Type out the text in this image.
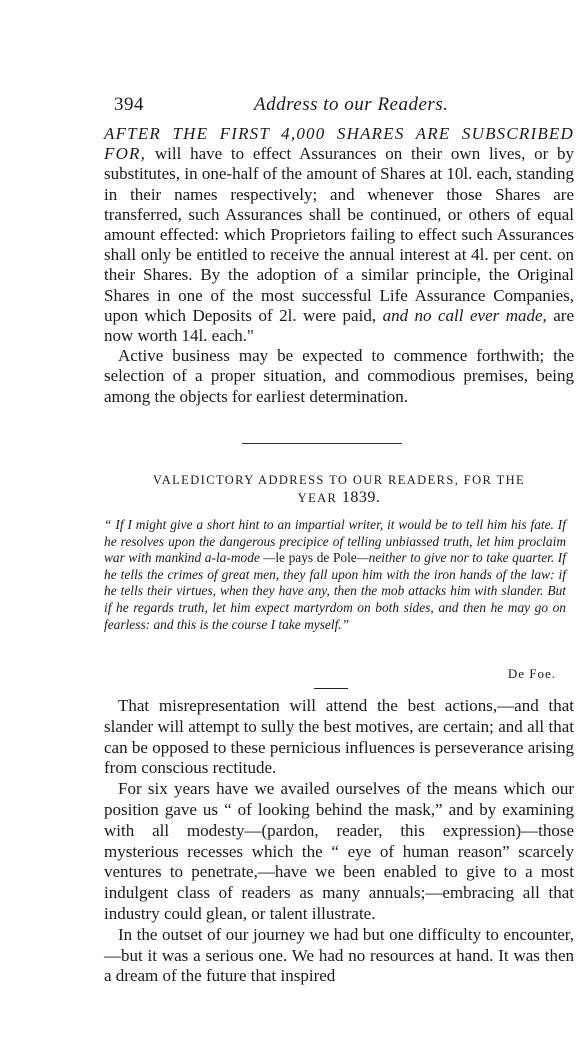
394	Address to our Readers.

AFTER THE FIRST 4,000 SHARES ARE SUBSCRIBED FOR, will have to effect Assurances on their own lives, or by substitutes, in one-half of the amount of Shares at 10l. each, standing in their names respectively; and whenever those Shares are transferred, such Assurances shall be continued, or others of equal amount effected: which Proprietors failing to effect such Assurances shall only be entitled to receive the annual interest at 4l. per cent. on their Shares. By the adoption of a similar principle, the Original Shares in one of the most successful Life Assurance Companies, upon which Deposits of 2l. were paid, and no call ever made, are now worth 14l. each."

Active business may be expected to commence forthwith; the selection of a proper situation, and commodious premises, being among the objects for earliest determination.

VALEDICTORY ADDRESS TO OUR READERS, FOR THE
YEAR 1839.
“ If I might give a short hint to an impartial writer, it would be to tell him his fate. If he resolves upon the dangerous precipice of telling unbiassed truth, let him proclaim war with mankind a-la-mode —le pays de Pole—neither to give nor to take quarter. If he tells the crimes of great men, they fall upon him with the iron hands of the law: if he tells their virtues, when they have any, then the mob attacks him with slander. But if he regards truth, let him expect martyrdom on both sides, and then he may go on fearless: and this is the course I take myself.”
De Foe.

That misrepresentation will attend the best actions,—and that slander will attempt to sully the best motives, are certain; and all that can be opposed to these pernicious influences is perseverance arising from conscious rectitude.

For six years have we availed ourselves of the means which our position gave us “ of looking behind the mask,” and by examining with all modesty—(pardon, reader, this expression)—those mysterious recesses which the “ eye of human reason” scarcely ventures to penetrate,—have we been enabled to give to a most indulgent class of readers as many annuals;—embracing all that industry could glean, or talent illustrate.

In the outset of our journey we had but one difficulty to encounter,—but it was a serious one. We had no resources at hand. It was then a dream of the future that inspired
